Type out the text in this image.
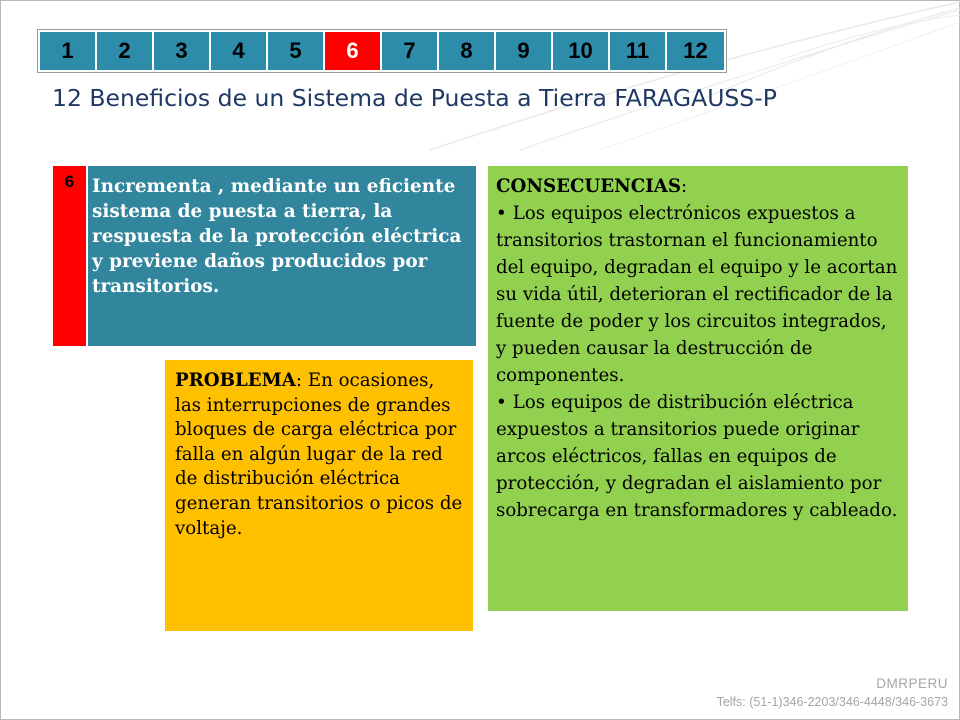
1	2	3	4	5	6	7	8	9	10	11	12
12 Beneficios de un Sistema de Puesta a Tierra FARAGAUSS-P
6 Incrementa , mediante un eficiente sistema de puesta a tierra, la respuesta de la protección eléctrica y previene daños producidos por transitorios.
PROBLEMA: En ocasiones, las interrupciones de grandes bloques de carga eléctrica por falla en algún lugar de la red de distribución eléctrica generan transitorios o picos de voltaje.
CONSECUENCIAS:
• Los equipos electrónicos expuestos a transitorios trastornan el funcionamiento del equipo, degradan el equipo y le acortan su vida útil, deterioran el rectificador de la fuente de poder y los circuitos integrados, y pueden causar la destrucción de componentes.
• Los equipos de distribución eléctrica expuestos a transitorios puede originar arcos eléctricos, fallas en equipos de protección, y degradan el aislamiento por sobrecarga en transformadores y cableado.
DMRPERU
Telfs: (51-1)346-2203/346-4448/346-3673
